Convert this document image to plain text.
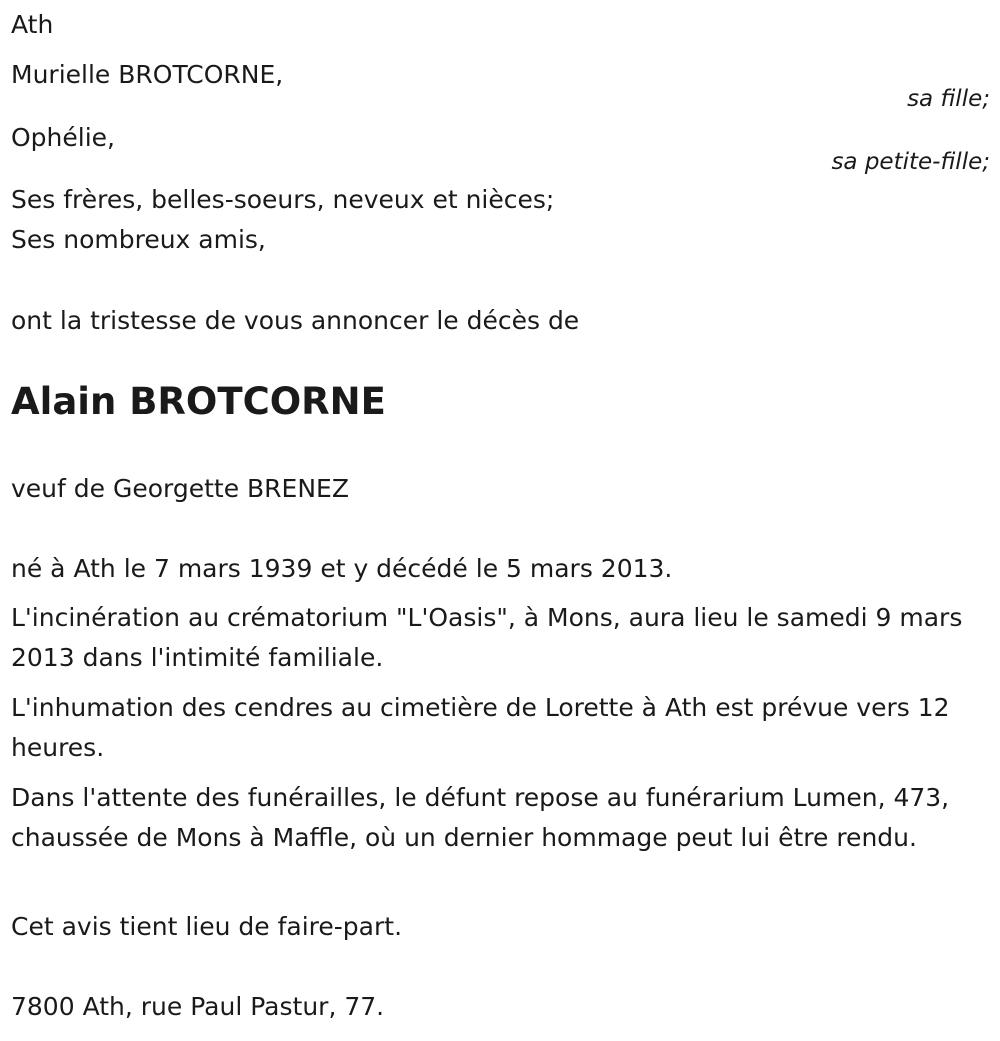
Ath
Murielle BROTCORNE,
sa fille;
Ophélie,
sa petite-fille;
Ses frères, belles-soeurs, neveux et nièces;
Ses nombreux amis,
ont la tristesse de vous annoncer le décès de
Alain BROTCORNE
veuf de Georgette BRENEZ
né à Ath le 7 mars 1939 et y décédé le 5 mars 2013.
L'incinération au crématorium "L'Oasis", à Mons, aura lieu le samedi 9 mars 2013 dans l'intimité familiale.
L'inhumation des cendres au cimetière de Lorette à Ath est prévue vers 12 heures.
Dans l'attente des funérailles, le défunt repose au funérarium Lumen, 473, chaussée de Mons à Maffle, où un dernier hommage peut lui être rendu.
Cet avis tient lieu de faire-part.
7800 Ath, rue Paul Pastur, 77.
